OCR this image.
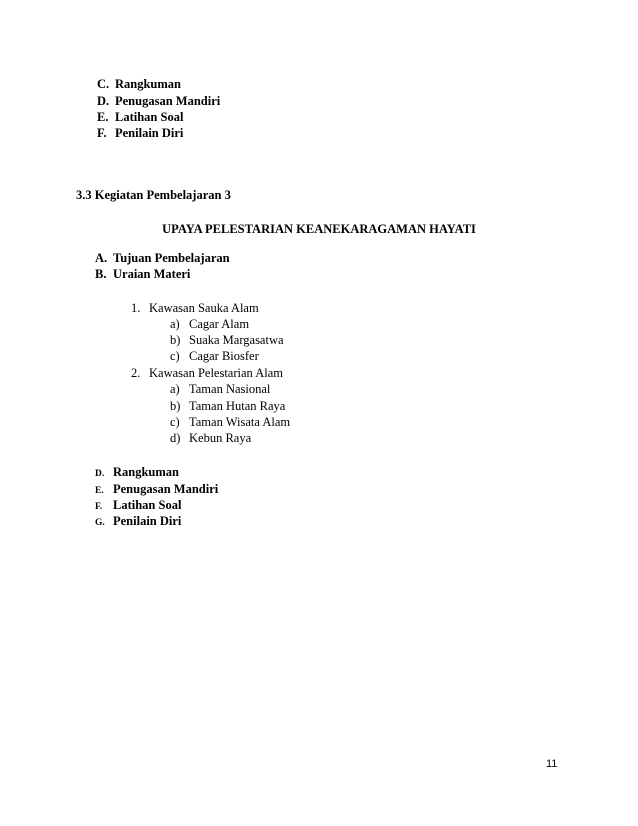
C. Rangkuman
D. Penugasan Mandiri
E. Latihan Soal
F. Penilain Diri
3.3 Kegiatan Pembelajaran 3
UPAYA PELESTARIAN KEANEKARAGAMAN HAYATI
A. Tujuan Pembelajaran
B. Uraian Materi
1. Kawasan Sauka Alam
a) Cagar Alam
b) Suaka Margasatwa
c) Cagar Biosfer
2. Kawasan Pelestarian Alam
a) Taman Nasional
b) Taman Hutan Raya
c) Taman Wisata Alam
d) Kebun Raya
D. Rangkuman
E. Penugasan Mandiri
F. Latihan Soal
G. Penilain Diri
11
